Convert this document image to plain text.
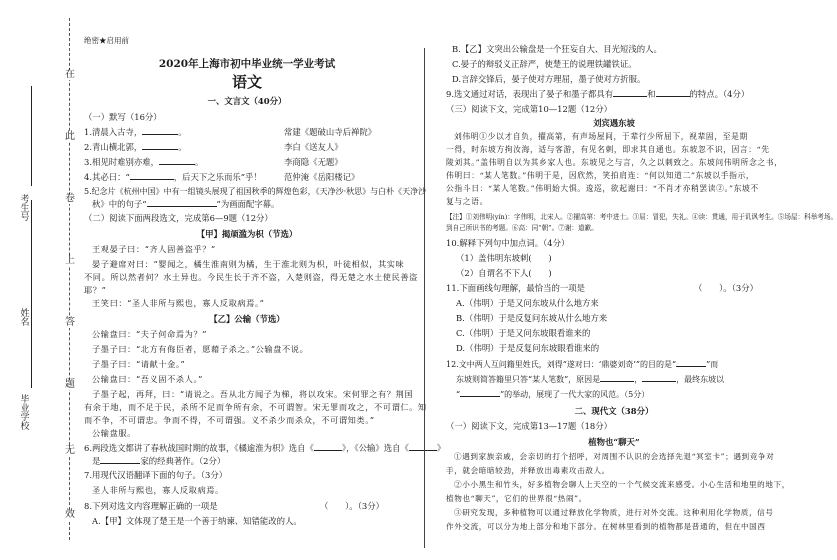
在
此
卷
上
答
题
无
效
毕业学校
姓名
考生号
绝密★启用前
2020年上海市初中毕业统一学业考试
语文
一、文言文（40分）
（一）默写（16分）
1.清晨入古寺，	。	常建《题破山寺后禅院》
2.青山横北郭，	。	李白《送友人》
3.相见时难别亦难，	。	李商隐《无题》
4.其必曰：“	，后天下之乐而乐”乎！	范仲淹《岳阳楼记》
5.纪念片《杭州中国》中有一组镜头展现了祖国秋季的辉煌色彩，《天净沙·秋思》与白朴《天净沙
秋》中的句子“	”为画面配字幕。
（二）阅读下面两段选文，完成第6—9题（12分）
【甲】揭颃滥为枳（节选）
王观晏子曰：“齐人固善盗乎？”
晏子避席对曰：“婴闻之，橘生淮南则为橘，生于淮北则为枳，叶徒相似，其实味
不同。所以然者何？水土异也。今民生长于齐不盗，入楚则盗，得无楚之水土使民善盗
耶？”
王笑曰：“圣人非所与熙也，寡人反取病焉。”
【乙】公输（节选）
公输盘曰：“夫子何命焉为？”
子墨子曰：“北方有侮臣者，愿藉子杀之。”公输盘不说。
子墨子曰：“请献十金。”
公输盘曰：“吾义固不杀人。”
子墨子起，再拜，曰：“请说之。吾从北方闻子为梯，将以攻宋。宋何罪之有？荆国
有余于地，而不足于民，杀所不足而争所有余，不可谓智。宋无罪而攻之，不可谓仁。知
而不争，不可谓忠。争而不得，不可谓强。义不杀少而杀众，不可谓知类。”
公输盘服。
6.两段选文都讲了春秋战国时期的故事，《橘逾淮为枳》选自《	》，《公输》选自《	》
是	家的经典著作。（2分）
7.用现代汉语翻译下面的句子。（3分）
圣人非所与熙也，寡人反取病焉。
8.下列对选文内容理解正确的一项是	（　　）。（3分）
A.【甲】文体现了楚王是一个善于纳谏、知错能改的人。
B.【乙】文突出公输盘是一个狂妄自大、目光短浅的人。
C.晏子的辩驳义正辞严，使楚王的说理铁罐铁证。
D.言辞交锋后，晏子使对方理屈，墨子使对方折服。
9.选文通过对话，表现出了晏子和墨子都具有	和	的特点。（4分）
（三）阅读下文，完成第10—12题（12分）
刘宾遇东坡
刘伟明①少以才自负，擢高第，有声场屋间，于辈行少所屈下，视辈固，至是期
一得，时东坡方拘汝海，适与客游，有见名刺，即求其自通也。东坡忽不识，因言：“先
陵刘其。”盖伟明自以为其乡家人也。东坡见之与言，久之以刺致之。东坡问伟明所念之书，
伟明曰：“某人笔数。”伟明于是，因欣然，笑拍肩连：“何以知道二”东坡以手指示，
公指斗日：“某人笔数。”伟明始大惧。逡巡，欲起谢曰：“不肖才亦稍罢读②。”东坡不
复与之语。
【注】①刘伟明(yín)：字伟明，北宋人。②擢高第：考中进士。③屈：冒犯，失礼。④读：贯通，用于讥讽考生。⑤场屋：科举考场。
到自己所识书的考题。⑥高：同“朝”。⑦谢：道歉。
10.解释下列句中加点词。（4分）
（1）盖伟明东坡刺(　　)
（2）自谓名不下人(　　)
11.下面画线句理解，最恰当的一项是	（　　）。（3分）
A.（伟明）于是又问东坡从什么地方来
B.（伟明）于是反复问东坡从什么地方来
C.（伟明）于是又问东坡眼看谁来的
D.（伟明）于是反复问东坡眼看谁来的
12.文中两人互问籍里姓氏，刘得“遂对曰：‘鼎婆刘奇’”的目的是“	”而
东坡则简答籍里只答“某人笔数”，原因是	，	，最终东坡以
“	”的举动，展现了一代大家的风范。（5分）
二、现代文（38分）
（一）阅读下文，完成第13—17题（18分）
植物也“聊天”
①遇到家族亲戚，会亲切的打个招呼，对周围不认识的会选择先退“冥室卡”；遇到竞争对
手，就会暗暗较劲，并释放出毒素攻击敌人。
②小小黑生和竹头，好多植物会聊人上天空的一个气候交流来感受。小心生活和地里的地下，
植物也“聊天”，它们的世界很“热闹”。
③研究发现，多种植物可以通过释放化学物质，进行对外交流。这种利用化学物质，信号
作外交流，可以分为地上部分和地下部分。在树林里看到的植物都是普通的，但在中国西
